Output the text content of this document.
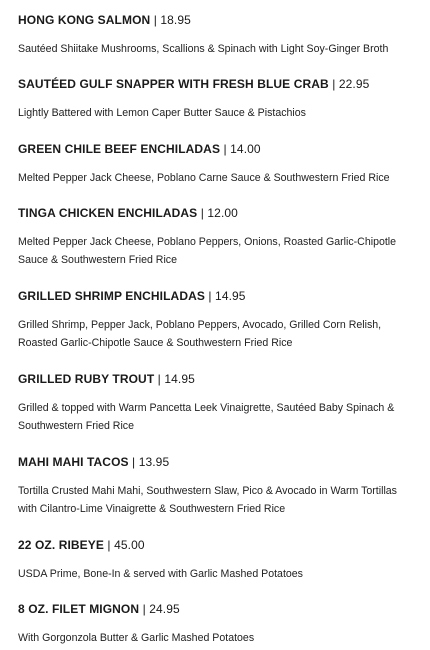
HONG KONG SALMON | 18.95
Sautéed Shiitake Mushrooms, Scallions & Spinach with Light Soy-Ginger Broth
SAUTÉED GULF SNAPPER WITH FRESH BLUE CRAB | 22.95
Lightly Battered with Lemon Caper Butter Sauce & Pistachios
GREEN CHILE BEEF ENCHILADAS | 14.00
Melted Pepper Jack Cheese, Poblano Carne Sauce & Southwestern Fried Rice
TINGA CHICKEN ENCHILADAS | 12.00
Melted Pepper Jack Cheese, Poblano Peppers, Onions, Roasted Garlic-Chipotle Sauce & Southwestern Fried Rice
GRILLED SHRIMP ENCHILADAS | 14.95
Grilled Shrimp, Pepper Jack, Poblano Peppers, Avocado, Grilled Corn Relish, Roasted Garlic-Chipotle Sauce & Southwestern Fried Rice
GRILLED RUBY TROUT | 14.95
Grilled & topped with Warm Pancetta Leek Vinaigrette, Sautéed Baby Spinach & Southwestern Fried Rice
MAHI MAHI TACOS | 13.95
Tortilla Crusted Mahi Mahi, Southwestern Slaw, Pico & Avocado in Warm Tortillas with Cilantro-Lime Vinaigrette & Southwestern Fried Rice
22 OZ. RIBEYE | 45.00
USDA Prime, Bone-In & served with Garlic Mashed Potatoes
8 OZ. FILET MIGNON | 24.95
With Gorgonzola Butter & Garlic Mashed Potatoes
